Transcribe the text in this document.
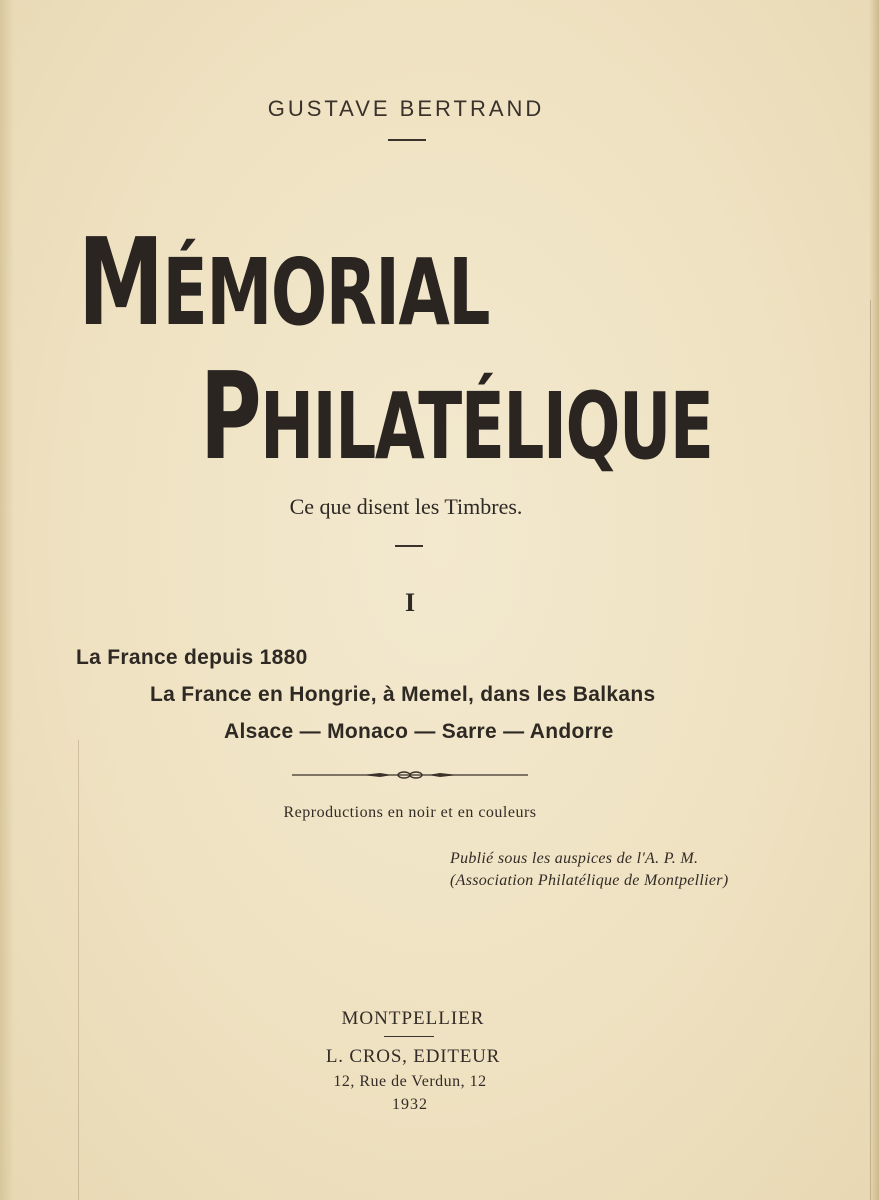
GUSTAVE BERTRAND
MÉMORIAL
PHILATÉLIQUE
Ce que disent les Timbres.
I
La France depuis 1880
La France en Hongrie, à Memel, dans les Balkans
Alsace — Monaco — Sarre — Andorre
Reproductions en noir et en couleurs
Publié sous les auspices de l'A. P. M.
(Association Philatélique de Montpellier)
MONTPELLIER
L. CROS, EDITEUR
12, Rue de Verdun, 12
1932
